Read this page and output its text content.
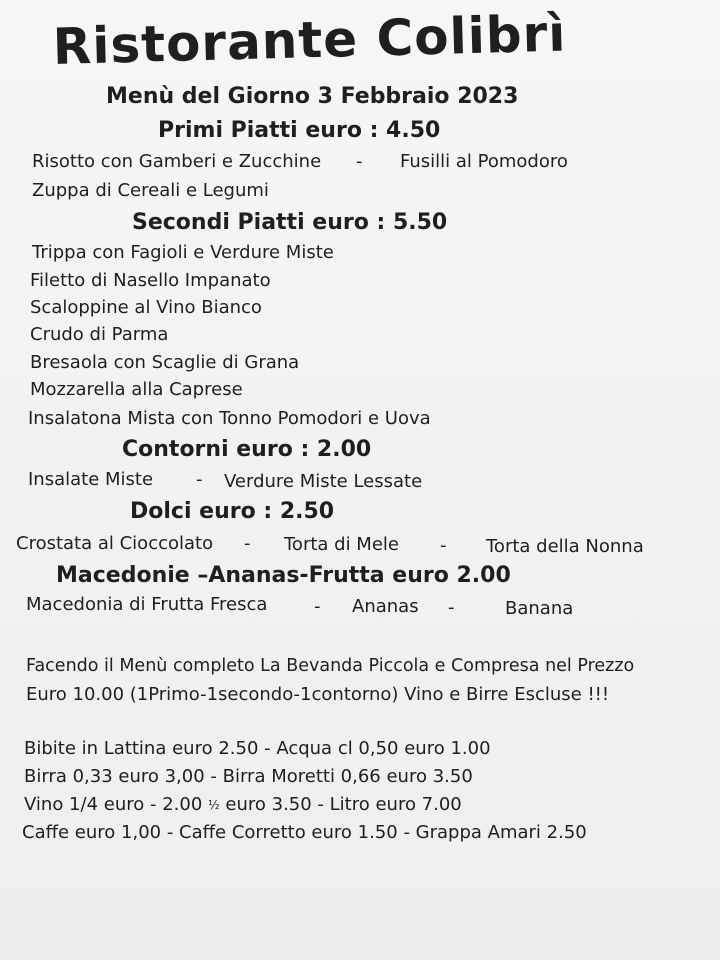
Ristorante Colibrì
Menù del Giorno 3 Febbraio 2023
Primi Piatti euro : 4.50
Risotto con Gamberi e Zucchine - Fusilli al Pomodoro
Zuppa di Cereali e Legumi
Secondi Piatti euro : 5.50
Trippa con Fagioli e Verdure Miste
Filetto di Nasello Impanato
Scaloppine al Vino Bianco
Crudo di Parma
Bresaola con Scaglie di Grana
Mozzarella alla Caprese
Insalatona Mista con Tonno Pomodori e Uova
Contorni euro : 2.00
Insalate Miste - Verdure Miste Lessate
Dolci euro : 2.50
Crostata al Cioccolato - Torta di Mele - Torta della Nonna
Macedonie –Ananas-Frutta euro 2.00
Macedonia di Frutta Fresca	- Ananas -	Banana
Facendo il Menù completo La Bevanda Piccola e Compresa nel Prezzo
Euro 10.00 (1Primo-1secondo-1contorno) Vino e Birre Escluse !!!
Bibite in Lattina euro 2.50 - Acqua cl 0,50 euro 1.00
Birra 0,33 euro 3,00 - Birra Moretti 0,66 euro 3.50
Vino 1/4 euro - 2.00 ½ euro 3.50 - Litro euro 7.00
Caffe euro 1,00 - Caffe Corretto euro 1.50 - Grappa Amari 2.50
